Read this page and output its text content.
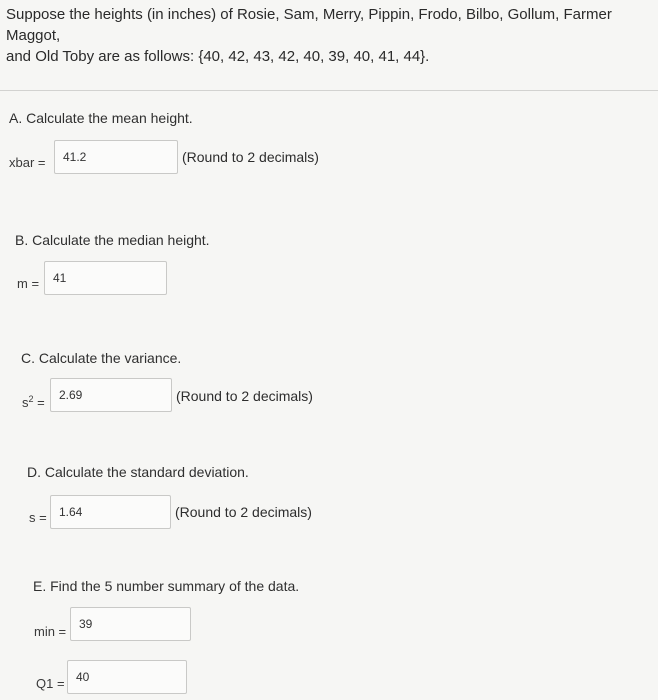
Suppose the heights (in inches) of Rosie, Sam, Merry, Pippin, Frodo, Bilbo, Gollum, Farmer Maggot,
and Old Toby are as follows: {40, 42, 43, 42, 40, 39, 40, 41, 44}.
A. Calculate the mean height.
xbar =	41.2	(Round to 2 decimals)
B. Calculate the median height.
m =	41
C. Calculate the variance.
$s^2$ =	2.69	(Round to 2 decimals)
D. Calculate the standard deviation.
s =	1.64	(Round to 2 decimals)
E. Find the 5 number summary of the data.
min =	39
Q1 = 40
